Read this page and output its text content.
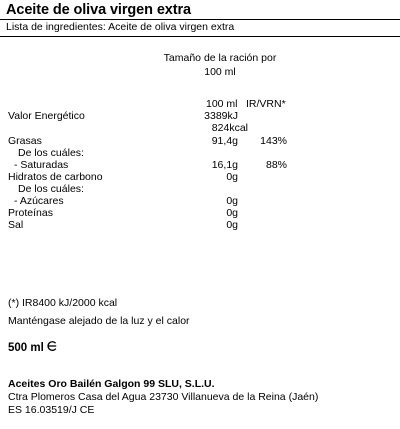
Aceite de oliva virgen extra
Lista de ingredientes: Aceite de oliva virgen extra
Tamaño de la ración por
100 ml
100 ml IR/VRN*
Valor Energético	3389kJ
824kcal
Grasas	91,4g 143%
De los cuáles:
- Saturadas	16,1g	88%
Hidratos de carbono	0g
De los cuáles:
- Azúcares	0g
Proteínas	0g
Sal	0g
(*) IR8400 kJ/2000 kcal
Manténgase alejado de la luz y el calor
500 ml
Aceites Oro Bailén Galgon 99 SLU, S.L.U.
Ctra Plomeros Casa del Agua 23730 Villanueva de la Reina (Jaén)
ES 16.03519/J CE
